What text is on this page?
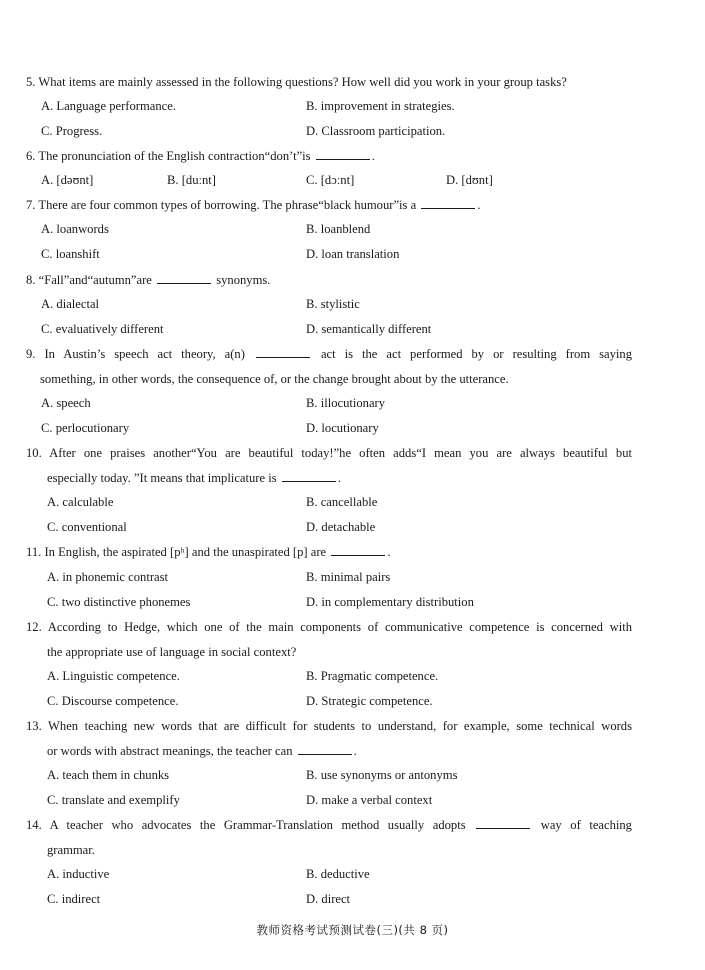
5. What items are mainly assessed in the following questions? How well did you work in your group tasks?
A. Language performance.	B. improvement in strategies.
C. Progress.	D. Classroom participation.
6. The pronunciation of the English contraction“don’t”is	.
A. [dəʊnt]	B. [duːnt]	C. [dɔːnt]	D. [dʊnt]
7. There are four common types of borrowing. The phrase“black humour”is a	.
A. loanwords	B. loanblend
C. loanshift	D. loan translation
8. “Fall”and“autumn”are	synonyms.
A. dialectal	B. stylistic
C. evaluatively different	D. semantically different
9. In Austin’s speech act theory, a(n)	act is the act performed by or resulting from saying
something, in other words, the consequence of, or the change brought about by the utterance.
A. speech	B. illocutionary
C. perlocutionary	D. locutionary
10. After one praises another“You are beautiful today!”he often adds“I mean you are always beautiful but
especially today. ”It means that implicature is	.
A. calculable	B. cancellable
C. conventional	D. detachable
11. In English, the aspirated [pʰ] and the unaspirated [p] are	.
A. in phonemic contrast	B. minimal pairs
C. two distinctive phonemes	D. in complementary distribution
12. According to Hedge, which one of the main components of communicative competence is concerned with
the appropriate use of language in social context?
A. Linguistic competence.	B. Pragmatic competence.
C. Discourse competence.	D. Strategic competence.
13. When teaching new words that are difficult for students to understand, for example, some technical words
or words with abstract meanings, the teacher can	.
A. teach them in chunks	B. use synonyms or antonyms
C. translate and exemplify	D. make a verbal context
14. A teacher who advocates the Grammar-Translation method usually adopts	way of teaching
grammar.
A. inductive	B. deductive
C. indirect	D. direct
教师资格考试预测试卷(三)(共 8 页)
